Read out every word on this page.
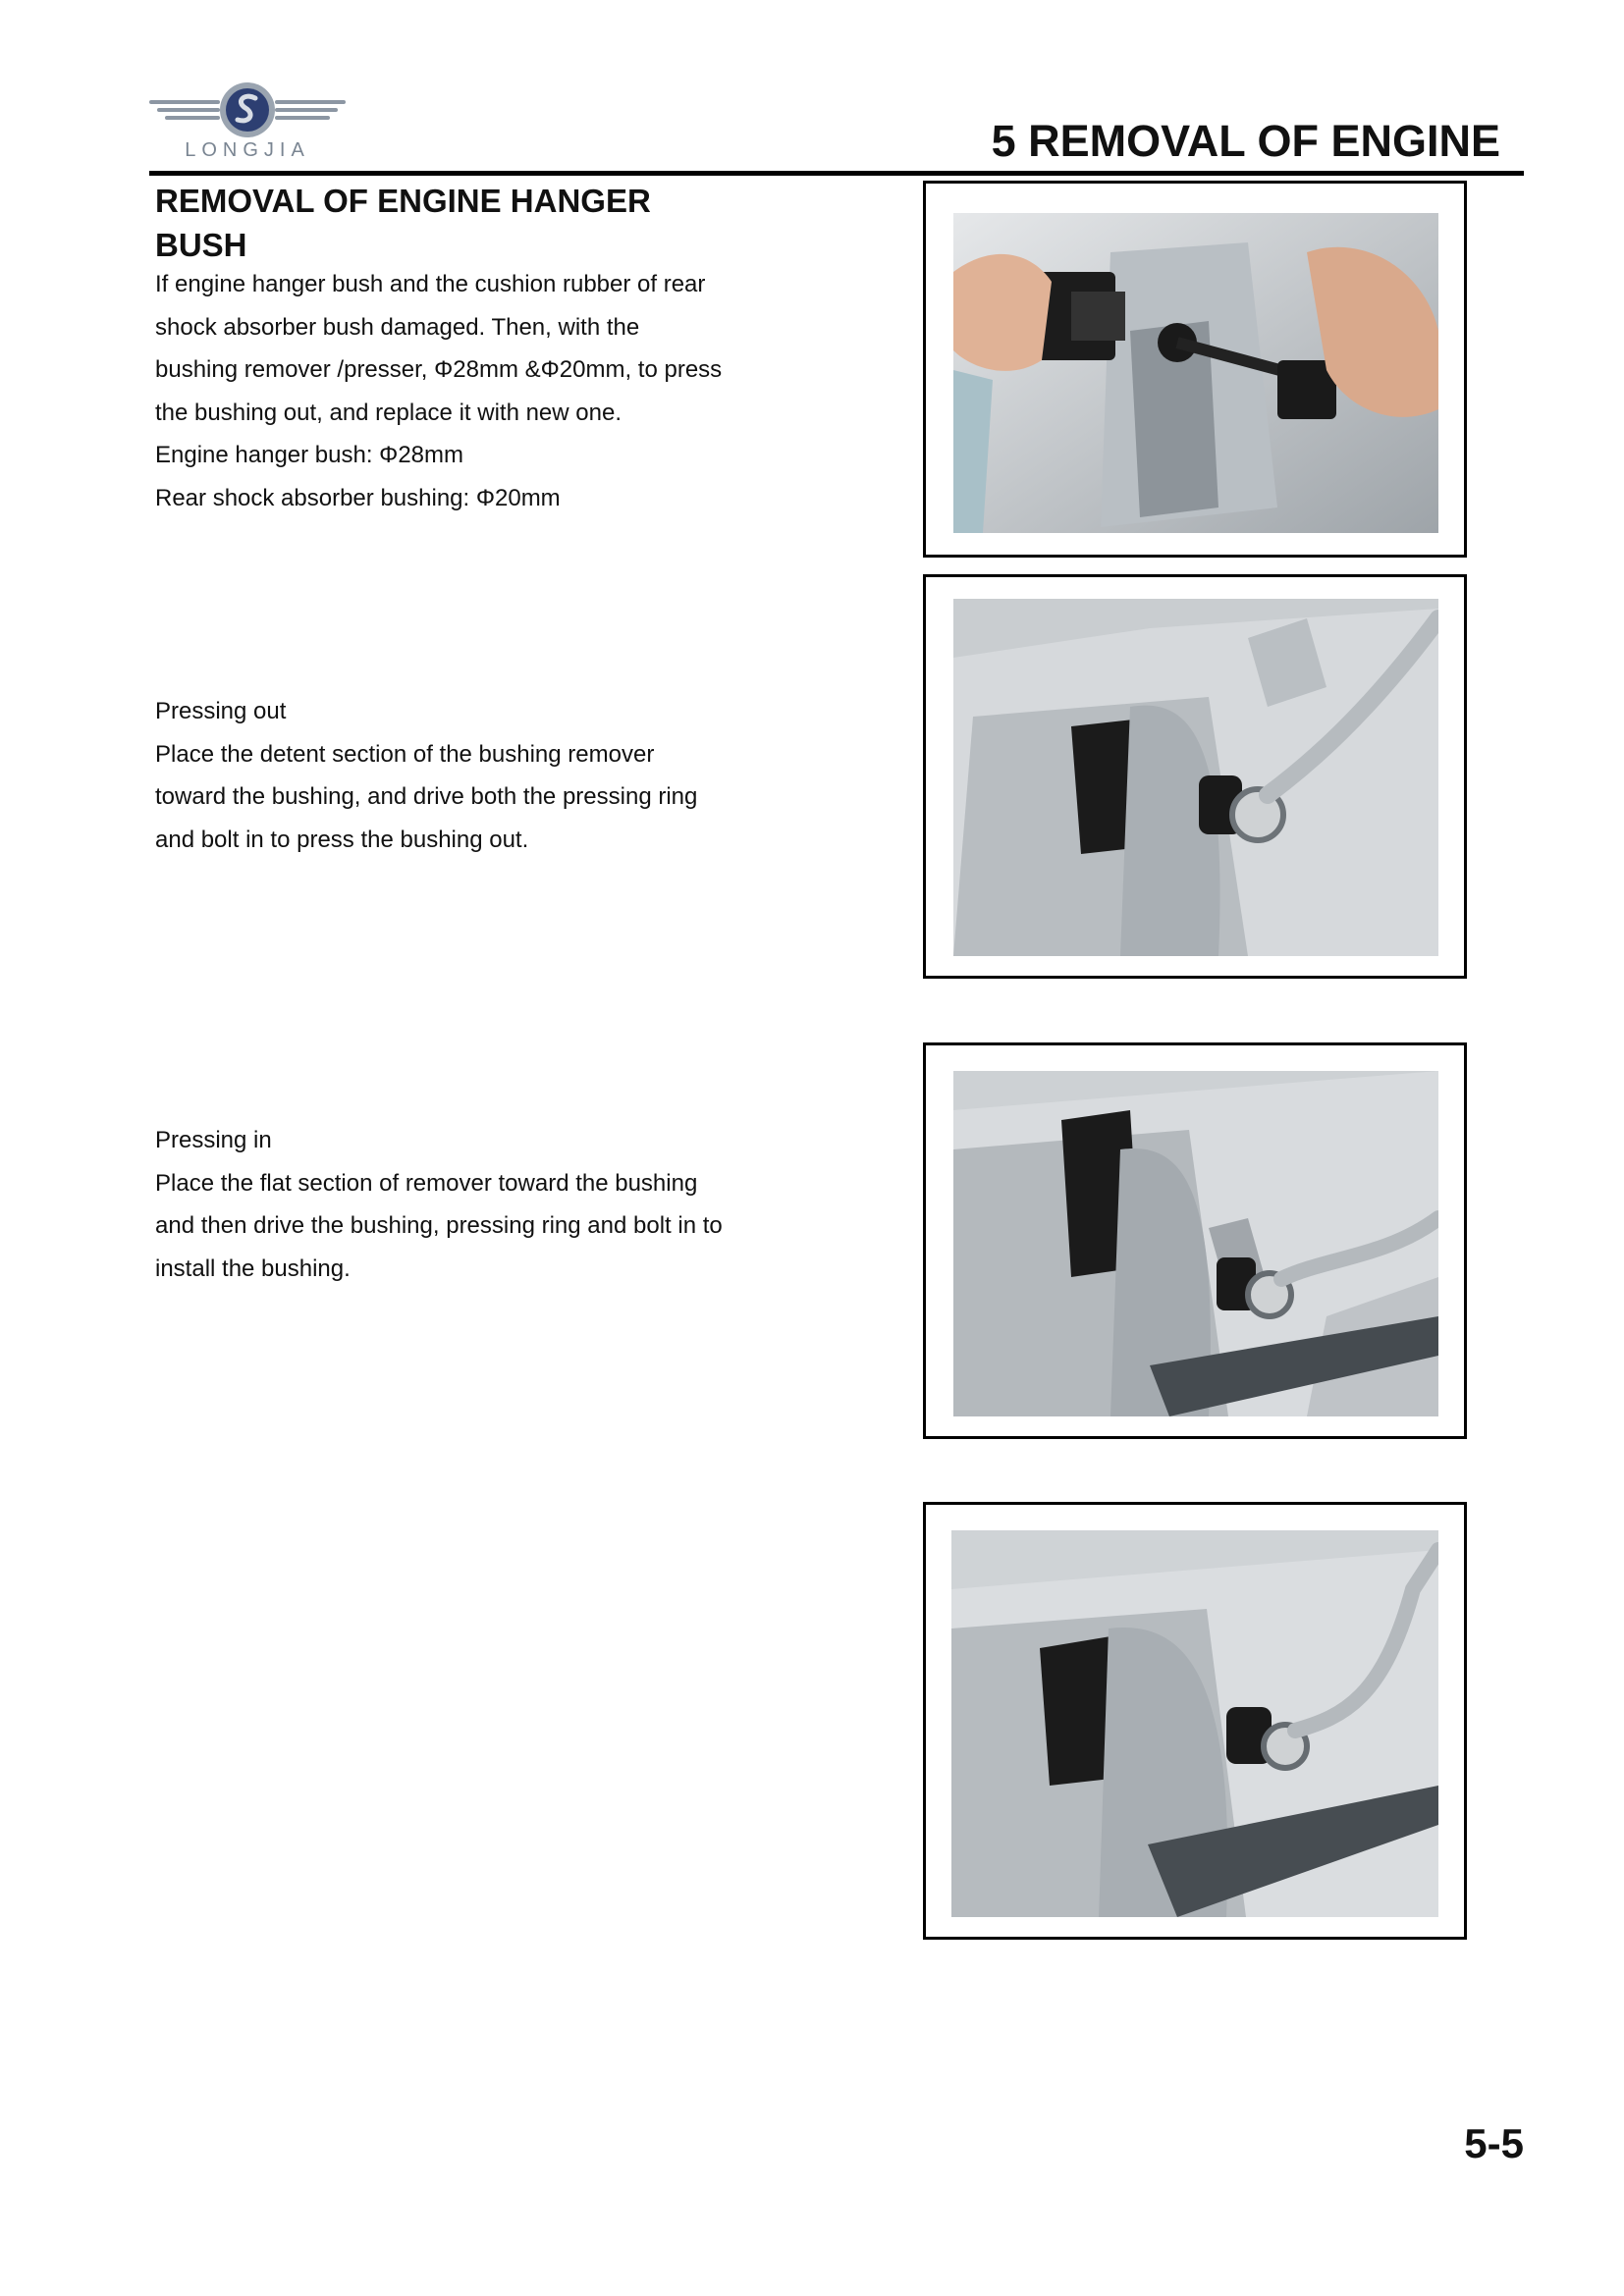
LONGJIA	5 REMOVAL OF ENGINE
REMOVAL OF ENGINE HANGER
BUSH

If engine hanger bush and the cushion rubber of rear

shock absorber bush damaged. Then, with the

bushing remover /presser, Φ28mm &Φ20mm, to press

the bushing out, and replace it with new one.

Engine hanger bush: Φ28mm

Rear shock absorber bushing: Φ20mm

Pressing out

Place the detent section of the bushing remover

toward the bushing, and drive both the pressing ring

and bolt in to press the bushing out.

Pressing in

Place the flat section of remover toward the bushing

and then drive the bushing, pressing ring and bolt in to

install the bushing.

5-5
